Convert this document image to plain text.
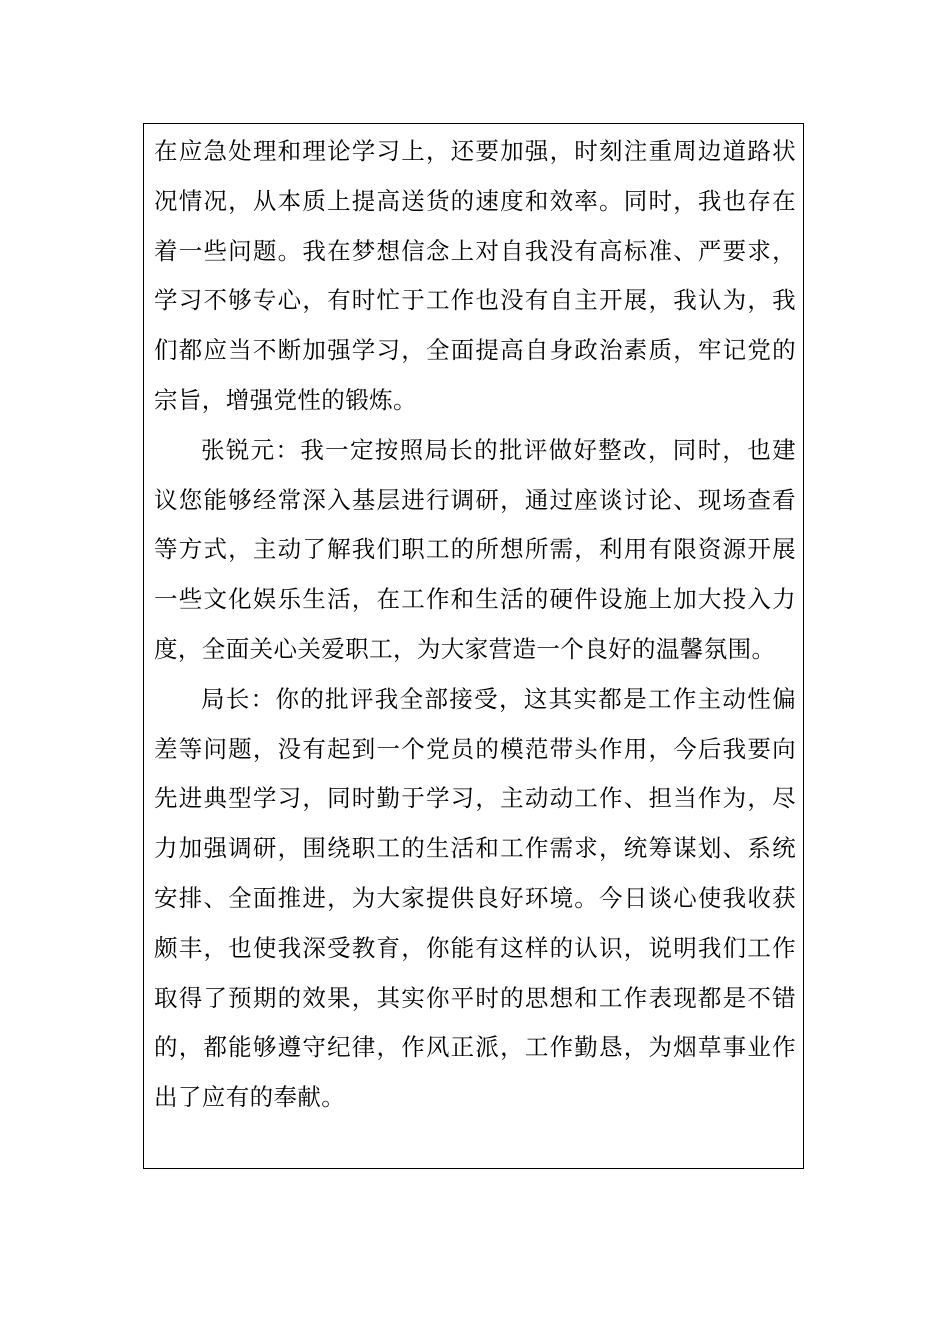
在应急处理和理论学习上，还要加强，时刻注重周边道路状况情况，从本质上提高送货的速度和效率。同时，我也存在着一些问题。我在梦想信念上对自我没有高标准、严要求，学习不够专心，有时忙于工作也没有自主开展，我认为，我们都应当不断加强学习，全面提高自身政治素质，牢记党的宗旨，增强党性的锻炼。

张锐元：我一定按照局长的批评做好整改，同时，也建议您能够经常深入基层进行调研，通过座谈讨论、现场查看等方式，主动了解我们职工的所想所需，利用有限资源开展一些文化娱乐生活，在工作和生活的硬件设施上加大投入力度，全面关心关爱职工，为大家营造一个良好的温馨氛围。

局长：你的批评我全部接受，这其实都是工作主动性偏差等问题，没有起到一个党员的模范带头作用，今后我要向先进典型学习，同时勤于学习，主动动工作、担当作为，尽力加强调研，围绕职工的生活和工作需求，统筹谋划、系统安排、全面推进，为大家提供良好环境。今日谈心使我收获颇丰，也使我深受教育，你能有这样的认识，说明我们工作取得了预期的效果，其实你平时的思想和工作表现都是不错的，都能够遵守纪律，作风正派，工作勤恳，为烟草事业作出了应有的奉献。
